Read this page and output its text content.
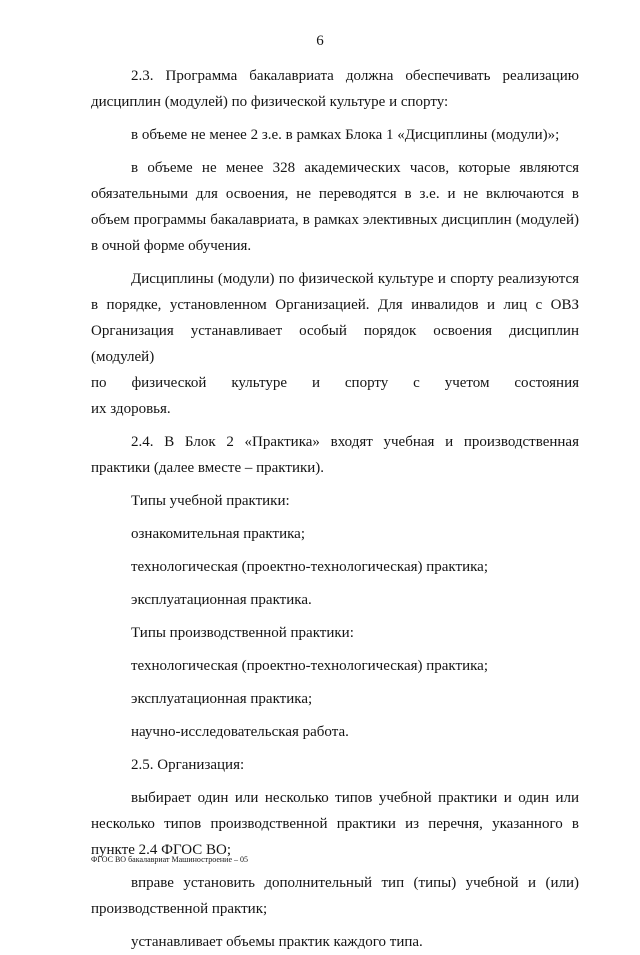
6

2.3. Программа бакалавриата должна обеспечивать реализацию дисциплин (модулей) по физической культуре и спорту:

в объеме не менее 2 з.е. в рамках Блока 1 «Дисциплины (модули)»;

в объеме не менее 328 академических часов, которые являются обязательными для освоения, не переводятся в з.е. и не включаются в объем программы бакалавриата, в рамках элективных дисциплин (модулей) в очной форме обучения.

Дисциплины (модули) по физической культуре и спорту реализуются в порядке, установленном Организацией. Для инвалидов и лиц с ОВЗ Организация устанавливает особый порядок освоения дисциплин (модулей)

по физической культуре и спорту с учетом состояния

их здоровья.

2.4. В Блок 2 «Практика» входят учебная и производственная практики (далее вместе – практики).

Типы учебной практики:

ознакомительная практика;

технологическая (проектно-технологическая) практика;

эксплуатационная практика.

Типы производственной практики:

технологическая (проектно-технологическая) практика;

эксплуатационная практика;

научно-исследовательская работа.

2.5. Организация:

выбирает один или несколько типов учебной практики и один или несколько типов производственной практики из перечня, указанного в пункте 2.4 ФГОС ВО;

вправе установить дополнительный тип (типы) учебной и (или) производственной практик;

устанавливает объемы практик каждого типа.

ФГОС ВО бакалавриат Машиностроение – 05
